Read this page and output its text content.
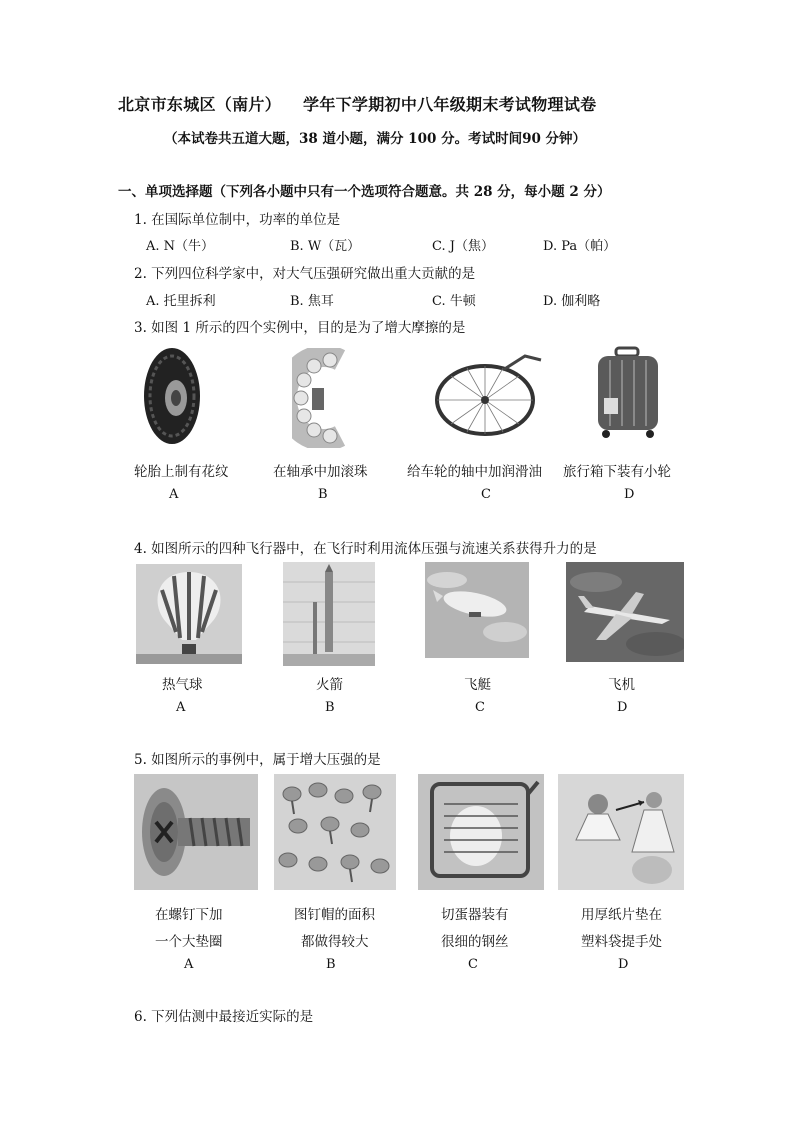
北京市东城区（南片） 学年下学期初中八年级期末考试物理试卷
（本试卷共五道大题，38 道小题，满分 100 分。考试时间90 分钟）
一、单项选择题（下列各小题中只有一个选项符合题意。共 28 分，每小题 2 分）
1. 在国际单位制中，功率的单位是
A. N（牛）	B. W（瓦）	C. J（焦）	D. Pa（帕）
2. 下列四位科学家中，对大气压强研究做出重大贡献的是
A. 托里拆利	B. 焦耳	C. 牛顿	D. 伽利略
3. 如图 1 所示的四个实例中，目的是为了增大摩擦的是
轮胎上制有花纹	在轴承中加滚珠	给车轮的轴中加润滑油 旅行箱下装有小轮
A	B	C	D
4. 如图所示的四种飞行器中，在飞行时利用流体压强与流速关系获得升力的是
热气球	火箭	飞艇	飞机
A	B	C	D
5. 如图所示的事例中，属于增大压强的是
在螺钉下加	图钉帽的面积	切蛋器装有	用厚纸片垫在
一个大垫圈	都做得较大	很细的钢丝	塑料袋提手处
A	B	C	D
6. 下列估测中最接近实际的是
